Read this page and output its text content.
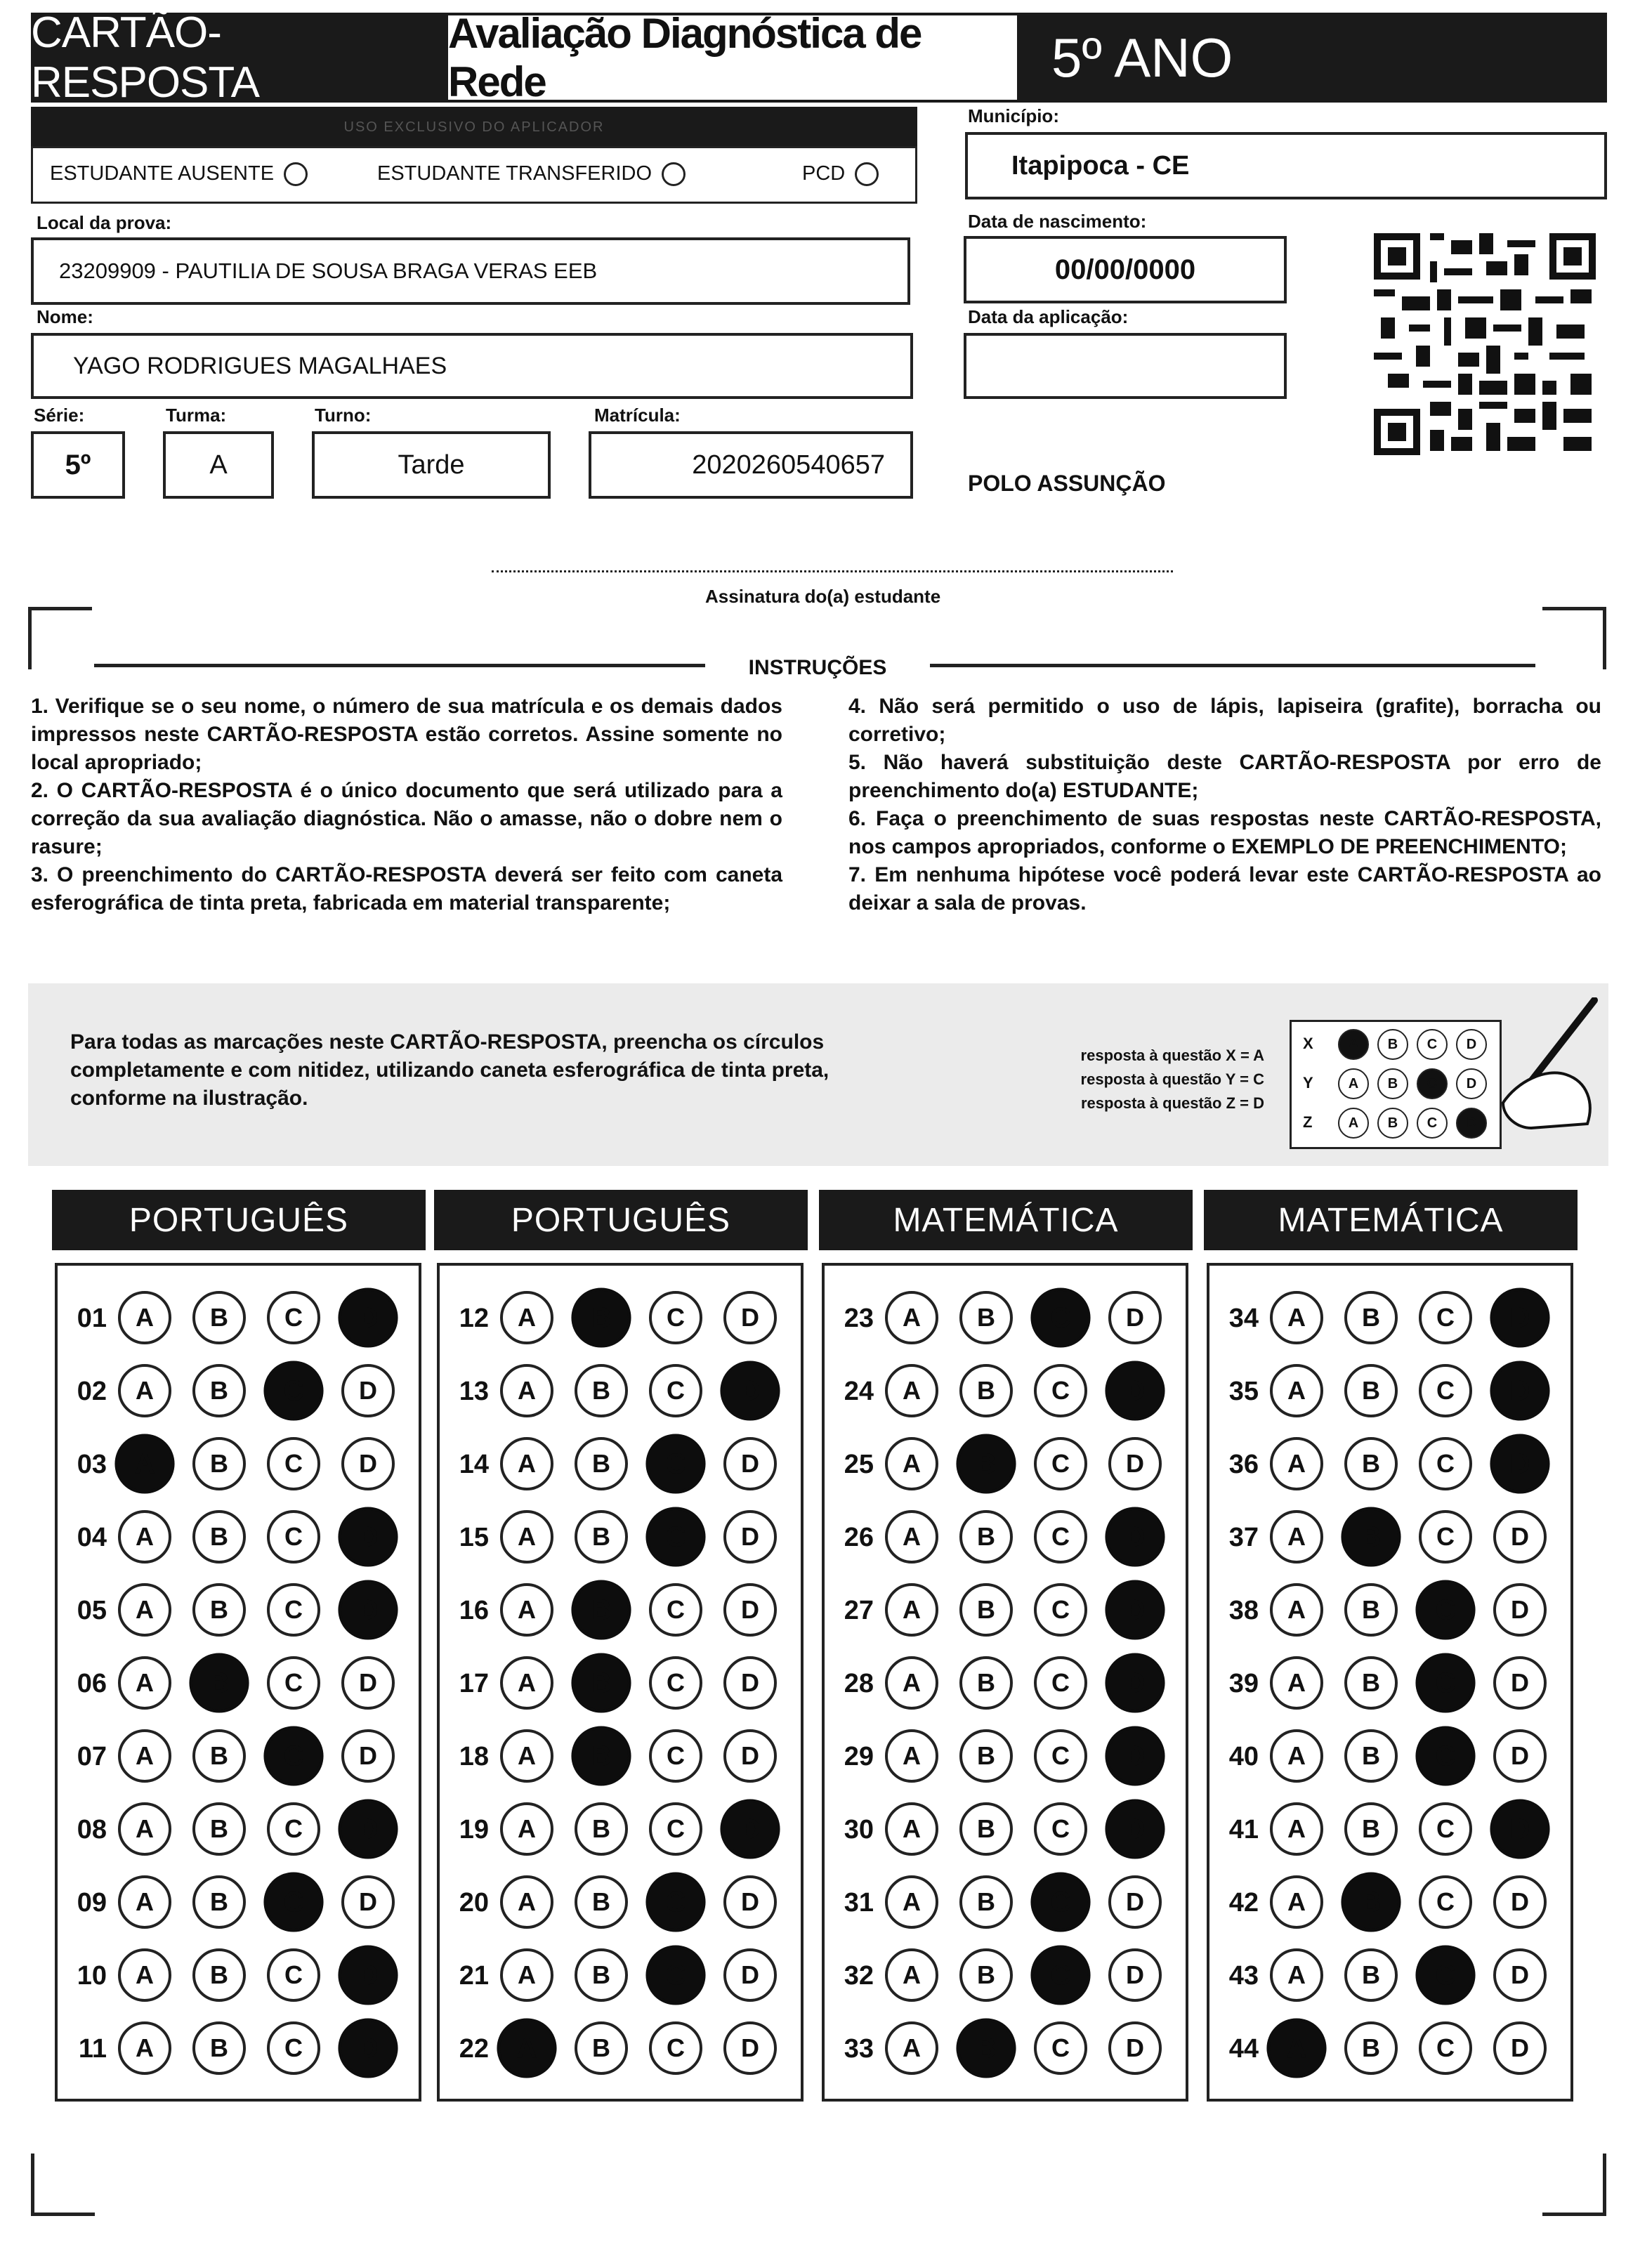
CARTÃO-RESPOSTA
Avaliação Diagnóstica de Rede	5º ANO
USO EXCLUSIVO DO APLICADOR
ESTUDANTE AUSENTE	ESTUDANTE TRANSFERIDO	PCD
Local da prova:
23209909 - PAUTILIA DE SOUSA BRAGA VERAS EEB
Nome:
YAGO RODRIGUES MAGALHAES
Série:	Turma:	Turno:	Matrícula:
5º	A	Tarde	2020260540657
Município:
Itapipoca - CE
Data de nascimento:
00/00/0000
Data da aplicação:
POLO ASSUNÇÃO
Assinatura do(a) estudante
INSTRUÇÕES

1. Verifique se o seu nome, o número de sua matrícula e os demais dados impressos neste CARTÃO-RESPOSTA estão corretos. Assine somente no local apropriado;

2. O CARTÃO-RESPOSTA é o único documento que será utilizado para a correção da sua avaliação diagnóstica. Não o amasse, não o dobre nem o rasure;

3. O preenchimento do CARTÃO-RESPOSTA deverá ser feito com caneta esferográfica de tinta preta, fabricada em material transparente;

4. Não será permitido o uso de lápis, lapiseira (grafite), borracha ou corretivo;

5. Não haverá substituição deste CARTÃO-RESPOSTA por erro de preenchimento do(a) ESTUDANTE;

6. Faça o preenchimento de suas respostas neste CARTÃO-RESPOSTA, nos campos apropriados, conforme o EXEMPLO DE PREENCHIMENTO;

7. Em nenhuma hipótese você poderá levar este CARTÃO-RESPOSTA ao deixar a sala de provas.

Para todas as marcações neste CARTÃO-RESPOSTA, preencha os círculos completamente e com nitidez, utilizando caneta esferográfica de tinta preta, conforme na ilustração.
resposta à questão X = A
resposta à questão Y = C
resposta à questão Z = D
X	A	B	C	D
Y	A	B	C	D
Z	A	B	C	D
PORTUGUÊS
01	A	B	C	D
02	A	B	C	D
03	A	B	C	D
04	A	B	C	D
05	A	B	C	D
06	A	B	C	D
07	A	B	C	D
08	A	B	C	D
09	A	B	C	D
10	A	B	C	D
11	A	B	C	D
PORTUGUÊS
12	A	B	C	D
13	A	B	C	D
14	A	B	C	D
15	A	B	C	D
16	A	B	C	D
17	A	B	C	D
18	A	B	C	D
19	A	B	C	D
20	A	B	C	D
21	A	B	C	D
22	A	B	C	D
MATEMÁTICA
23	A	B	C	D
24	A	B	C	D
25	A	B	C	D
26	A	B	C	D
27	A	B	C	D
28	A	B	C	D
29	A	B	C	D
30	A	B	C	D
31	A	B	C	D
32	A	B	C	D
33	A	B	C	D
MATEMÁTICA
34	A	B	C	D
35	A	B	C	D
36	A	B	C	D
37	A	B	C	D
38	A	B	C	D
39	A	B	C	D
40	A	B	C	D
41	A	B	C	D
42	A	B	C	D
43	A	B	C	D
44	A	B	C	D
